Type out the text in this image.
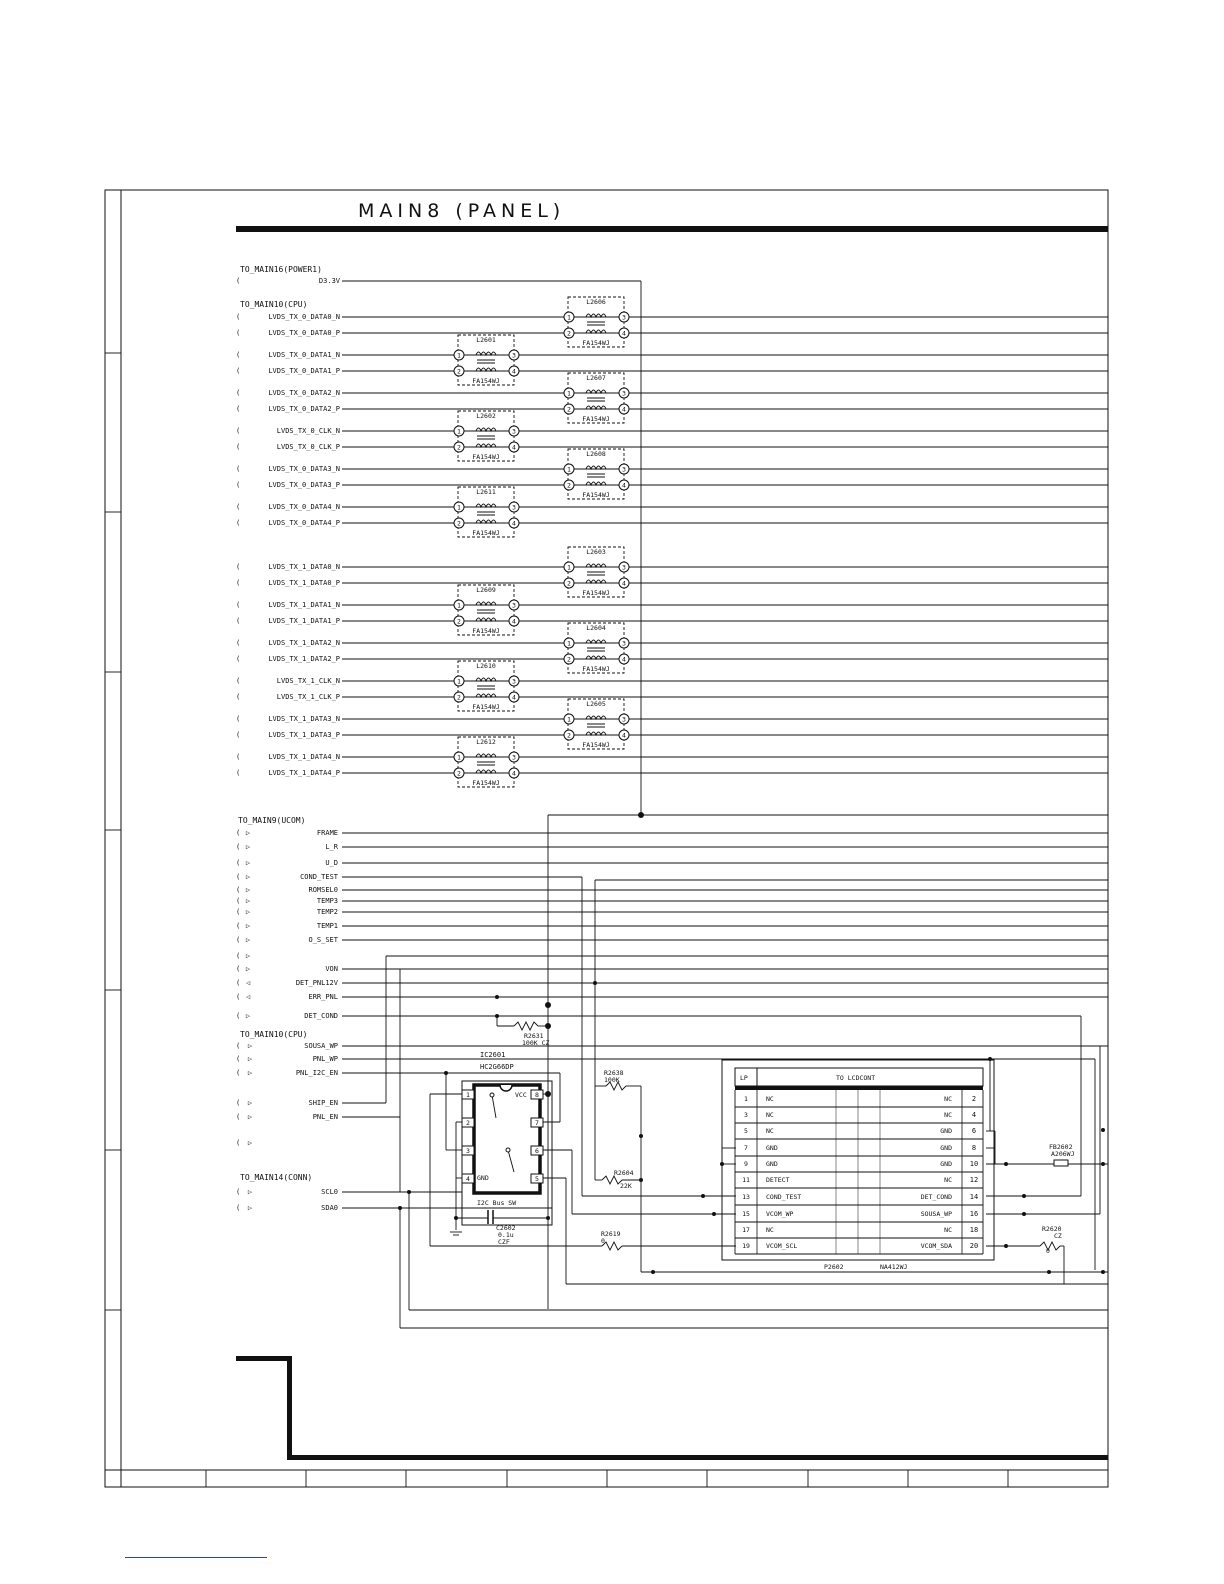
MAIN8 (PANEL)
TO_MAIN16(POWER1)
TO_MAIN10(CPU)
TO_MAIN9(UCOM)
TO_MAIN10(CPU)
TO_MAIN14(CONN)
(	D3.3V
(	LVDS_TX_0_DATA0_N
(	LVDS_TX_0_DATA0_P
(	LVDS_TX_0_DATA1_N
(	LVDS_TX_0_DATA1_P
(	LVDS_TX_0_DATA2_N
(	LVDS_TX_0_DATA2_P
(	LVDS_TX_0_CLK_N
(	LVDS_TX_0_CLK_P
(	LVDS_TX_0_DATA3_N
(	LVDS_TX_0_DATA3_P
(	LVDS_TX_0_DATA4_N
(	LVDS_TX_0_DATA4_P
(	LVDS_TX_1_DATA0_N
(	LVDS_TX_1_DATA0_P
(	LVDS_TX_1_DATA1_N
(	LVDS_TX_1_DATA1_P
(	LVDS_TX_1_DATA2_N
(	LVDS_TX_1_DATA2_P
(	LVDS_TX_1_CLK_N
(	LVDS_TX_1_CLK_P
(	LVDS_TX_1_DATA3_N
(	LVDS_TX_1_DATA3_P
(	LVDS_TX_1_DATA4_N
(	LVDS_TX_1_DATA4_P
( ▷	FRAME
( ▷	L_R
( ▷	U_D
( ▷	COND_TEST
( ▷	ROMSEL0
( ▷	TEMP3
( ▷	TEMP2
( ▷	TEMP1
( ▷	O_S_SET
( ▷
( ▷	VON
( ◁	DET_PNL12V
( ◁	ERR_PNL
( ▷	DET_COND
( ▷	SOUSA_WP
( ▷	PNL_WP
( ▷	PNL_I2C_EN
( ▷	SHIP_EN
( ▷	PNL_EN
( ▷
( ▷	SCL0
( ▷	SDA0
L2606
FA154WJ
1
2
3
4
L2601
FA154WJ
1
2
3
4
L2607
FA154WJ
1
2
3
4
L2602
FA154WJ
1
2
3
4
L2608
FA154WJ
1
2
3
4
L2611
FA154WJ
1
2
3
4
L2603
FA154WJ
1
2
3
4
L2609
FA154WJ
1
2
3
4
L2604
FA154WJ
1
2
3
4
L2610
FA154WJ
1
2
3
4
L2605
FA154WJ
1
2
3
4
L2612
FA154WJ
1
2
3
4
IC2601
HC2G66DP
VCC
GND
I2C Bus SW
1
2
3
4
8
7
6
5
C2602
0.1u
CZF
R2631
100K CZ
R2638
100K
R2604
22K
R2619
0
R2620
CZ
0
FB2602
A206WJ
LP	TO LCDCONT
1	NC	NC	2
3	NC	NC	4
5	NC	GND	6
7	GND	GND	8
9	GND	GND	10
11 DETECT	NC	12
13 COND_TEST	DET_COND	14
15 VCOM_WP	SOUSA_WP	16
17 NC	NC	18
19 VCOM_SCL	VCOM_SDA	20
P2602	NA412WJ
